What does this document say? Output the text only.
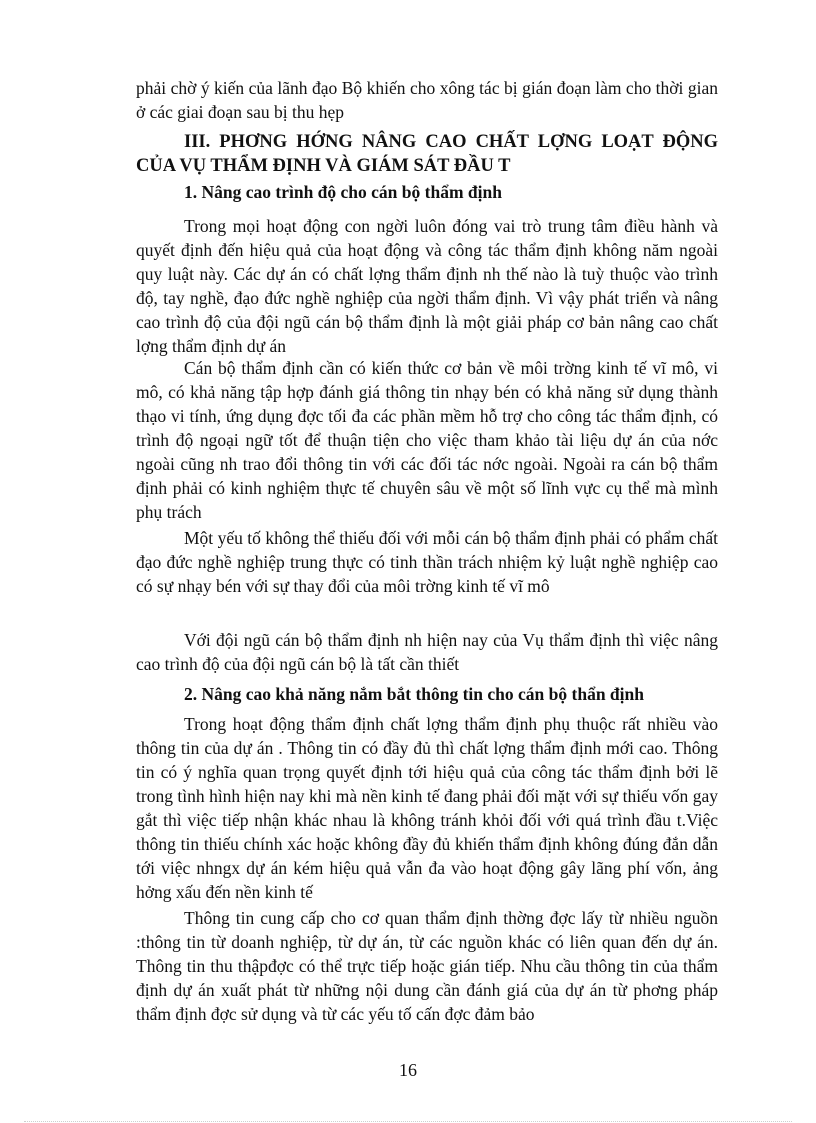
phải chờ ý kiến của lãnh đạo Bộ khiến cho xông tác bị gián đoạn làm cho thời gian ở các giai đoạn sau bị thu hẹp

III. PHƠNG HỚNG NÂNG CAO CHẤT LỢNG LOẠT ĐỘNG CỦA VỤ THẨM ĐỊNH VÀ GIÁM SÁT ĐẦU T
1. Nâng cao trình độ cho cán bộ thẩm định

Trong mọi hoạt động con ngời luôn đóng vai trò trung tâm điều hành và quyết định đến hiệu quả của hoạt động và công tác thẩm định không năm ngoài quy luật này. Các dự án có chất lợng thẩm định nh thế nào là tuỳ thuộc vào trình độ, tay nghề, đạo đức nghề nghiệp của ngời thẩm định. Vì vậy phát triển và nâng cao trình độ của đội ngũ cán bộ thẩm định là một giải pháp cơ bản nâng cao chất lợng thẩm định dự án

Cán bộ thẩm định cần có kiến thức cơ bản về môi trờng kinh tế vĩ mô, vi mô, có khả năng tập hợp đánh giá thông tin nhạy bén có khả năng sử dụng thành thạo vi tính, ứng dụng đợc tối đa các phần mềm hỗ trợ cho công tác thẩm định, có trình độ ngoại ngữ tốt để thuận tiện cho việc tham khảo tài liệu dự án của nớc ngoài cũng nh trao đổi thông tin với các đối tác nớc ngoài. Ngoài ra cán bộ thẩm định phải có kinh nghiệm thực tế chuyên sâu về một số lĩnh vực cụ thể mà mình phụ trách

Một yếu tố không thể thiếu đối với mỗi cán bộ thẩm định phải có phẩm chất đạo đức nghề nghiệp trung thực có tinh thần trách nhiệm kỷ luật nghề nghiệp cao có sự nhạy bén với sự thay đổi của môi trờng kinh tế vĩ mô

Với đội ngũ cán bộ thẩm định nh hiện nay của Vụ thẩm định thì việc nâng cao trình độ của đội ngũ cán bộ là tất cần thiết

2. Nâng cao khả năng nắm bắt thông tin cho cán bộ thẩn định

Trong hoạt động thẩm định chất lợng thẩm định phụ thuộc rất nhiều vào thông tin của dự án . Thông tin có đầy đủ thì chất lợng thẩm định mới cao. Thông tin có ý nghĩa quan trọng quyết định tới hiệu quả của công tác thẩm định bởi lẽ trong tình hình hiện nay khi mà nền kinh tế đang phải đối mặt với sự thiếu vốn gay gắt thì việc tiếp nhận khác nhau là không tránh khỏi đối với quá trình đầu t.Việc thông tin thiếu chính xác hoặc không đầy đủ khiến thẩm định không đúng đắn dẫn tới việc nhngx dự án kém hiệu quả vẫn đa vào hoạt động gây lãng phí vốn, ảng hởng xấu đến nền kinh tế

Thông tin cung cấp cho cơ quan thẩm định thờng đợc lấy từ nhiều nguồn :thông tin từ doanh nghiệp, từ dự án, từ các nguồn khác có liên quan đến dự án. Thông tin thu thậpđợc có thể trực tiếp hoặc gián tiếp. Nhu cầu thông tin của thẩm định dự án xuất phát từ những nội dung cần đánh giá của dự án từ phơng pháp thẩm định đợc sử dụng và từ các yếu tố cấn đợc đảm bảo

16
